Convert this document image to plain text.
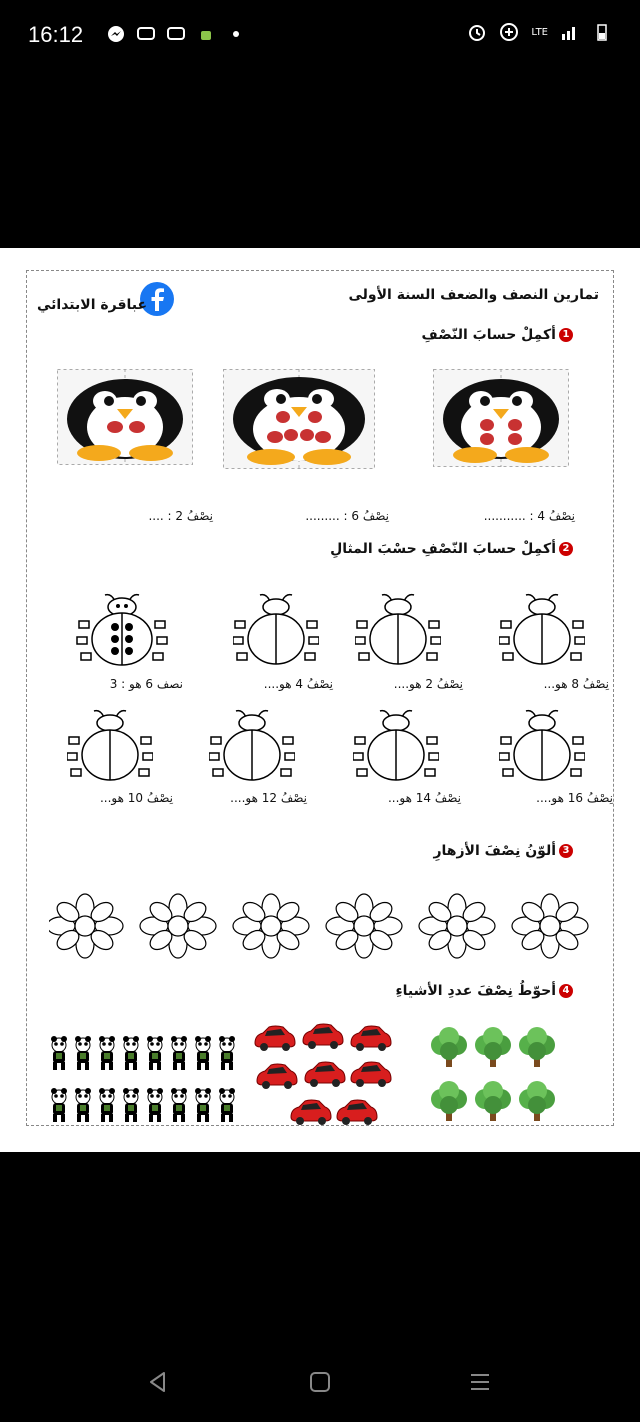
16:12	LTE
تمارين النصف والضعف السنة الأولى
عباقرة الابتدائي
1أكمِلْ حسابَ النّصْفِ
نِصْفُ 4 : ...........
نِصْفُ 6 : .........
نِصْفُ 2 : ....
2أكمِلْ حسابَ النّصْفِ حسْبَ المثالِ
نِصْفُ 8 هو...
نِصْفُ 2 هو....
نِصْفُ 4 هو....
نصف 6 هو : 3
نِصْفُ 16 هو....
نِصْفُ 14 هو...
نِصْفُ 12 هو....
نِصْفُ 10 هو...
3ألوّنُ نِصْفَ الأزهارِ
4أحوّطُ نِصْفَ عددِ الأشياءِ
